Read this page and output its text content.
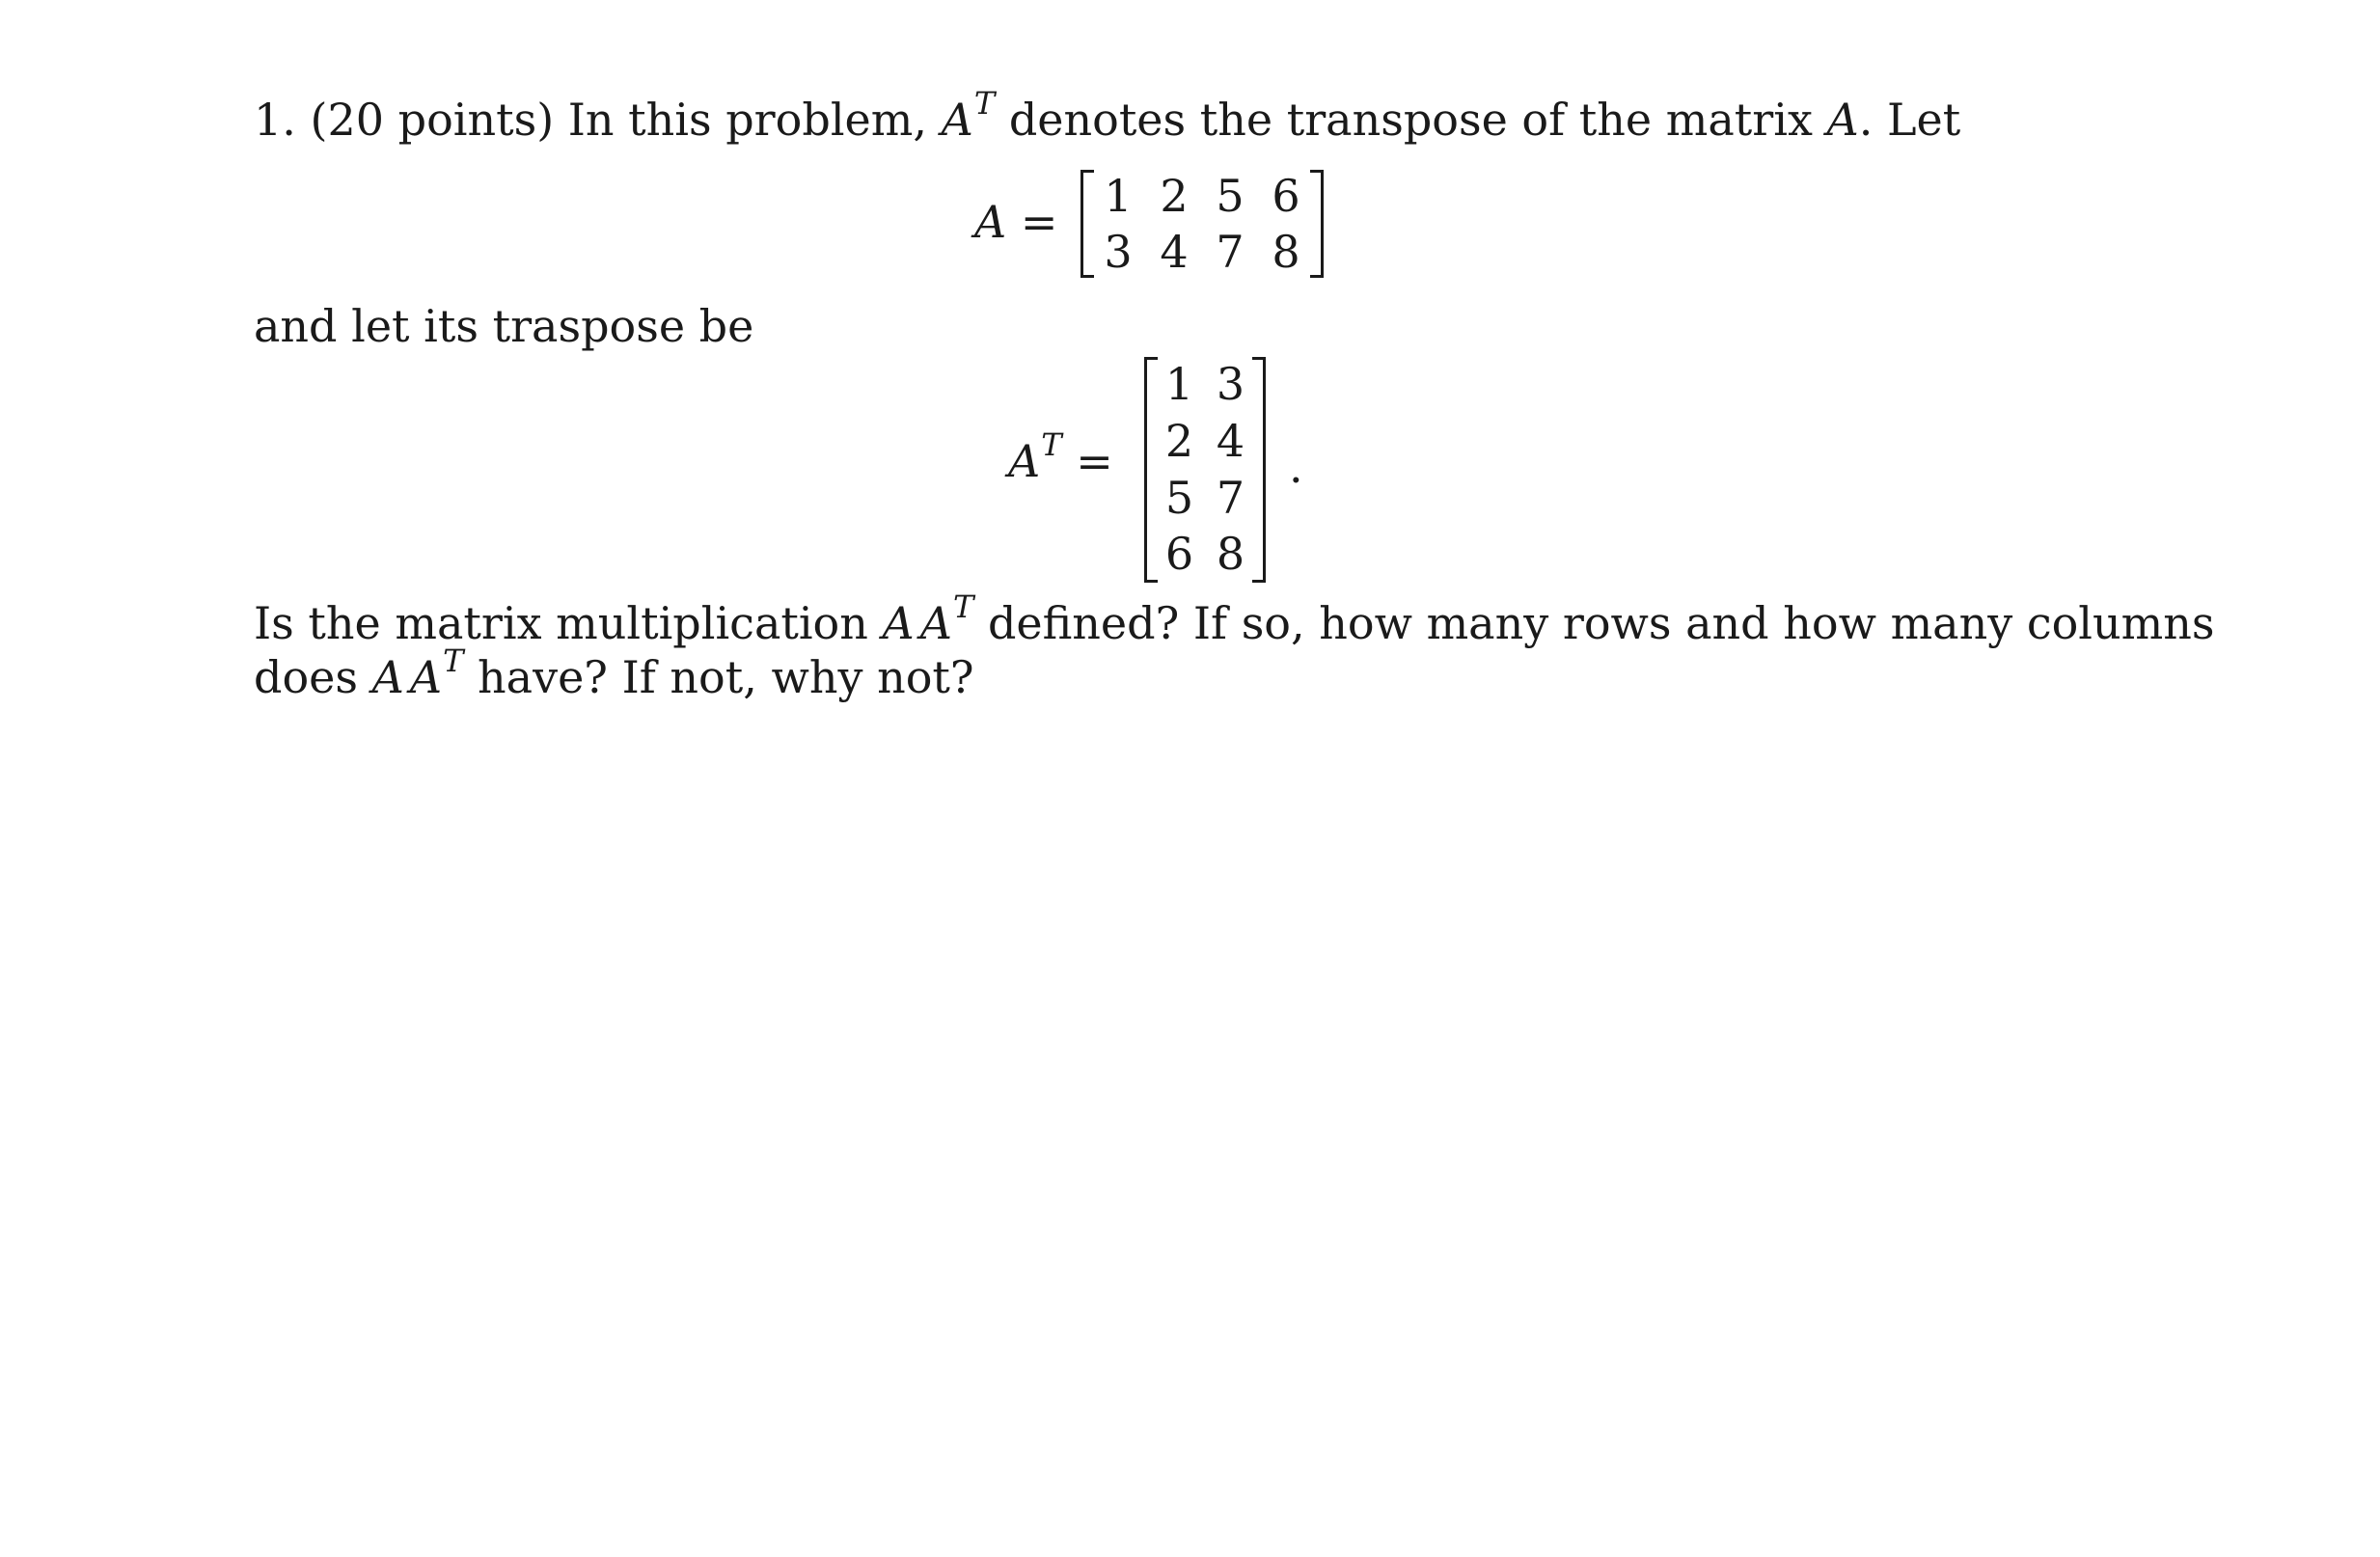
1. (20 points) In this problem, $A^T$ denotes the transpose of the matrix A. Let
A =	1 2 5 6
3 4 7 8
and let its traspose be
$A^T$ =
1 3
2 4
5 7
6 8
.
Is the matrix multiplication A $A^T$ defined? If so, how many rows and how many columns
does A $A^T$ have? If not, why not?
